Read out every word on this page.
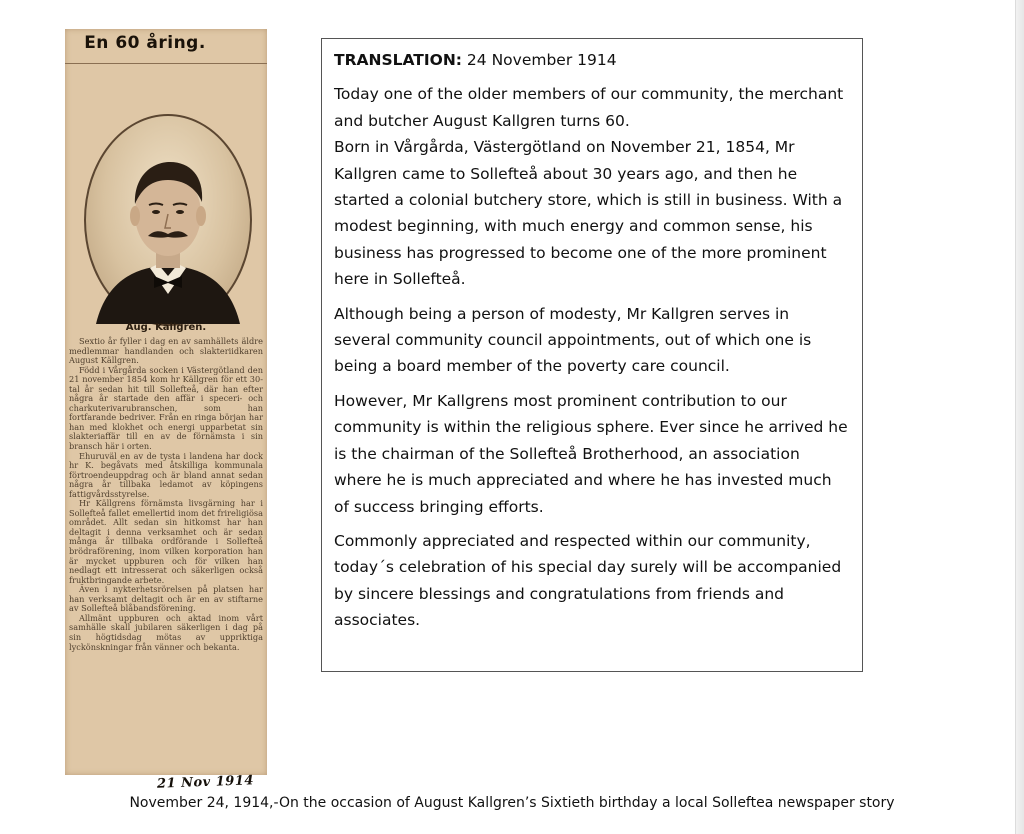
En 60 åring.
Aug. Källgren.

Sextio år fyller i dag en av samhällets äldre medlemmar handlanden och slakteriidkaren August Källgren.

Född i Vårgårda socken i Västergötland den 21 november 1854 kom hr Källgren för ett 30-tal år sedan hit till Sollefteå, där han efter några år startade den affär i speceri- och charkuterivarubranschen, som han fortfarande bedriver. Från en ringa början har han med klokhet och energi upparbetat sin slakteriaffär till en av de förnämsta i sin bransch här i orten.

Ehuruväl en av de tysta i landena har dock hr K. begåvats med åtskilliga kommunala förtroendeuppdrag och är bland annat sedan några år tillbaka ledamot av köpingens fattigvårdsstyrelse.

Hr Källgrens förnämsta livsgärning har i Sollefteå fallet emellertid inom det frireligiösa området. Allt sedan sin hitkomst har han deltagit i denna verksamhet och är sedan många år tillbaka ordförande i Sollefteå brödraförening, inom vilken korporation han är mycket uppburen och för vilken han nedlagt ett intresserat och säkerligen också fruktbringande arbete.

Även i nykterhetsrörelsen på platsen har han verksamt deltagit och är en av stiftarne av Sollefteå blåbandsförening.

Allmänt uppburen och aktad inom vårt samhälle skall jubilaren säkerligen i dag på sin högtidsdag mötas av uppriktiga lyckönskningar från vänner och bekanta.

21 Nov 1914

TRANSLATION: 24 November 1914

Today one of the older members of our community, the merchant and butcher August Kallgren turns 60.

Born in Vårgårda, Västergötland on November 21, 1854, Mr Kallgren came to Sollefteå about 30 years ago, and then he started a colonial butchery store, which is still in business. With a modest beginning, with much energy and common sense, his business has progressed to become one of the more prominent here in Sollefteå.

Although being a person of modesty, Mr Kallgren serves in several community council appointments, out of which one is being a board member of the poverty care council.

However, Mr Kallgrens most prominent contribution to our community is within the religious sphere. Ever since he arrived he is the chairman of the Sollefteå Brotherhood, an association where he is much appreciated and where he has invested much of success bringing efforts.

Commonly appreciated and respected within our community, today´s celebration of his special day surely will be accompanied by sincere blessings and congratulations from friends and associates.

November 24, 1914,-On the occasion of August Kallgren’s Sixtieth birthday a local Solleftea newspaper story
